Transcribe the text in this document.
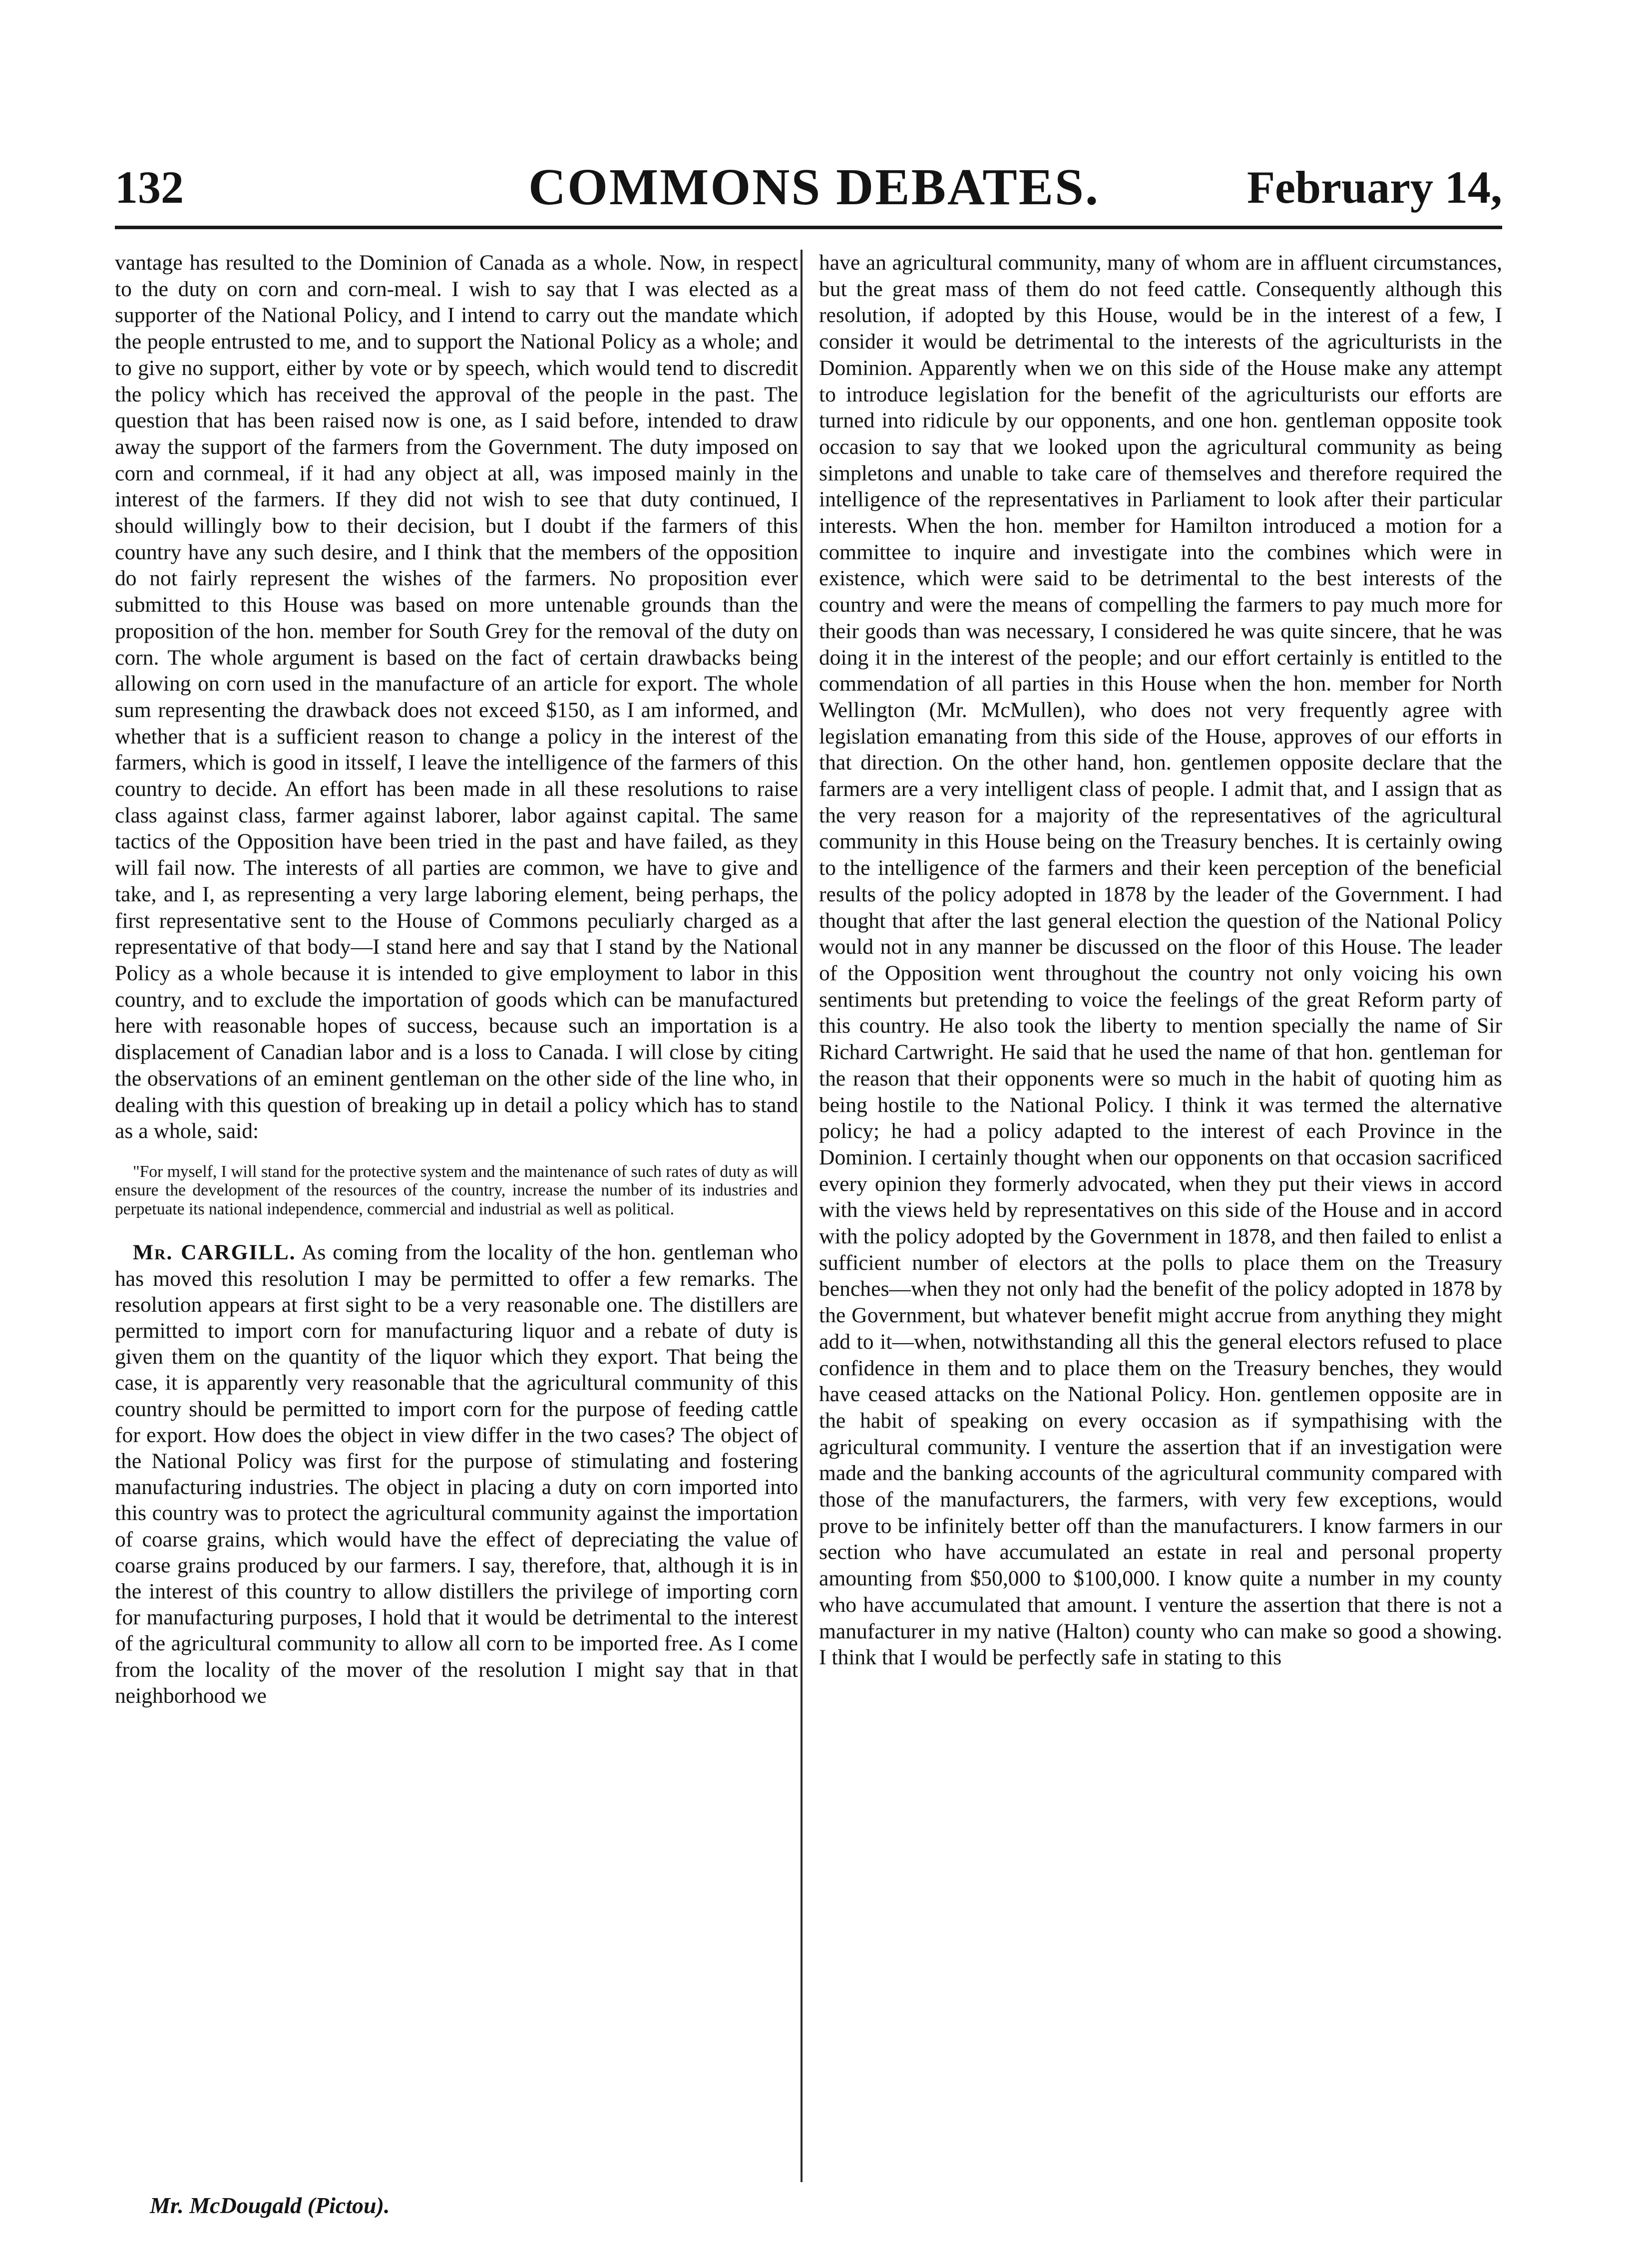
132	COMMONS DEBATES.	February 14,

vantage has resulted to the Dominion of Canada as a whole. Now, in respect to the duty on corn and corn-meal. I wish to say that I was elected as a supporter of the National Policy, and I intend to carry out the mandate which the people entrusted to me, and to support the National Policy as a whole; and to give no support, either by vote or by speech, which would tend to discredit the policy which has received the approval of the people in the past. The question that has been raised now is one, as I said before, intended to draw away the support of the farmers from the Government. The duty imposed on corn and cornmeal, if it had any object at all, was imposed mainly in the interest of the farmers. If they did not wish to see that duty continued, I should willingly bow to their decision, but I doubt if the farmers of this country have any such desire, and I think that the members of the opposition do not fairly represent the wishes of the farmers. No proposition ever submitted to this House was based on more untenable grounds than the proposition of the hon. member for South Grey for the removal of the duty on corn. The whole argument is based on the fact of certain drawbacks being allowing on corn used in the manufacture of an article for export. The whole sum representing the drawback does not exceed $150, as I am informed, and whether that is a sufficient reason to change a policy in the interest of the farmers, which is good in itsself, I leave the intelligence of the farmers of this country to decide. An effort has been made in all these resolutions to raise class against class, farmer against laborer, labor against capital. The same tactics of the Opposition have been tried in the past and have failed, as they will fail now. The interests of all parties are common, we have to give and take, and I, as representing a very large laboring element, being perhaps, the first representative sent to the House of Commons peculiarly charged as a representative of that body—I stand here and say that I stand by the National Policy as a whole because it is intended to give employment to labor in this country, and to exclude the importation of goods which can be manufactured here with reasonable hopes of success, because such an importation is a displacement of Canadian labor and is a loss to Canada. I will close by citing the observations of an eminent gentleman on the other side of the line who, in dealing with this question of breaking up in detail a policy which has to stand as a whole, said:

"For myself, I will stand for the protective system and the maintenance of such rates of duty as will ensure the development of the resources of the country, increase the number of its industries and perpetuate its national independence, commercial and industrial as well as political.

Mr. CARGILL. As coming from the locality of the hon. gentleman who has moved this resolution I may be permitted to offer a few remarks. The resolution appears at first sight to be a very reasonable one. The distillers are permitted to import corn for manufacturing liquor and a rebate of duty is given them on the quantity of the liquor which they export. That being the case, it is apparently very reasonable that the agricultural community of this country should be permitted to import corn for the purpose of feeding cattle for export. How does the object in view differ in the two cases? The object of the National Policy was first for the purpose of stimulating and fostering manufacturing industries. The object in placing a duty on corn imported into this country was to protect the agricultural community against the importation of coarse grains, which would have the effect of depreciating the value of coarse grains produced by our farmers. I say, therefore, that, although it is in the interest of this country to allow distillers the privilege of importing corn for manufacturing purposes, I hold that it would be detrimental to the interest of the agricultural community to allow all corn to be imported free. As I come from the locality of the mover of the resolution I might say that in that neighborhood we

have an agricultural community, many of whom are in affluent circumstances, but the great mass of them do not feed cattle. Consequently although this resolution, if adopted by this House, would be in the interest of a few, I consider it would be detrimental to the interests of the agriculturists in the Dominion. Apparently when we on this side of the House make any attempt to introduce legislation for the benefit of the agriculturists our efforts are turned into ridicule by our opponents, and one hon. gentleman opposite took occasion to say that we looked upon the agricultural community as being simpletons and unable to take care of themselves and therefore required the intelligence of the representatives in Parliament to look after their particular interests. When the hon. member for Hamilton introduced a motion for a committee to inquire and investigate into the combines which were in existence, which were said to be detrimental to the best interests of the country and were the means of compelling the farmers to pay much more for their goods than was necessary, I considered he was quite sincere, that he was doing it in the interest of the people; and our effort certainly is entitled to the commendation of all parties in this House when the hon. member for North Wellington (Mr. McMullen), who does not very frequently agree with legislation emanating from this side of the House, approves of our efforts in that direction. On the other hand, hon. gentlemen opposite declare that the farmers are a very intelligent class of people. I admit that, and I assign that as the very reason for a majority of the representatives of the agricultural community in this House being on the Treasury benches. It is certainly owing to the intelligence of the farmers and their keen perception of the beneficial results of the policy adopted in 1878 by the leader of the Government. I had thought that after the last general election the question of the National Policy would not in any manner be discussed on the floor of this House. The leader of the Opposition went throughout the country not only voicing his own sentiments but pretending to voice the feelings of the great Reform party of this country. He also took the liberty to mention specially the name of Sir Richard Cartwright. He said that he used the name of that hon. gentleman for the reason that their opponents were so much in the habit of quoting him as being hostile to the National Policy. I think it was termed the alternative policy; he had a policy adapted to the interest of each Province in the Dominion. I certainly thought when our opponents on that occasion sacrificed every opinion they formerly advocated, when they put their views in accord with the views held by representatives on this side of the House and in accord with the policy adopted by the Government in 1878, and then failed to enlist a sufficient number of electors at the polls to place them on the Treasury benches—when they not only had the benefit of the policy adopted in 1878 by the Government, but whatever benefit might accrue from anything they might add to it—when, notwithstanding all this the general electors refused to place confidence in them and to place them on the Treasury benches, they would have ceased attacks on the National Policy. Hon. gentlemen opposite are in the habit of speaking on every occasion as if sympathising with the agricultural community. I venture the assertion that if an investigation were made and the banking accounts of the agricultural community compared with those of the manufacturers, the farmers, with very few exceptions, would prove to be infinitely better off than the manufacturers. I know farmers in our section who have accumulated an estate in real and personal property amounting from $50,000 to $100,000. I know quite a number in my county who have accumulated that amount. I venture the assertion that there is not a manufacturer in my native (Halton) county who can make so good a showing. I think that I would be perfectly safe in stating to this

Mr. McDougald (Pictou).
